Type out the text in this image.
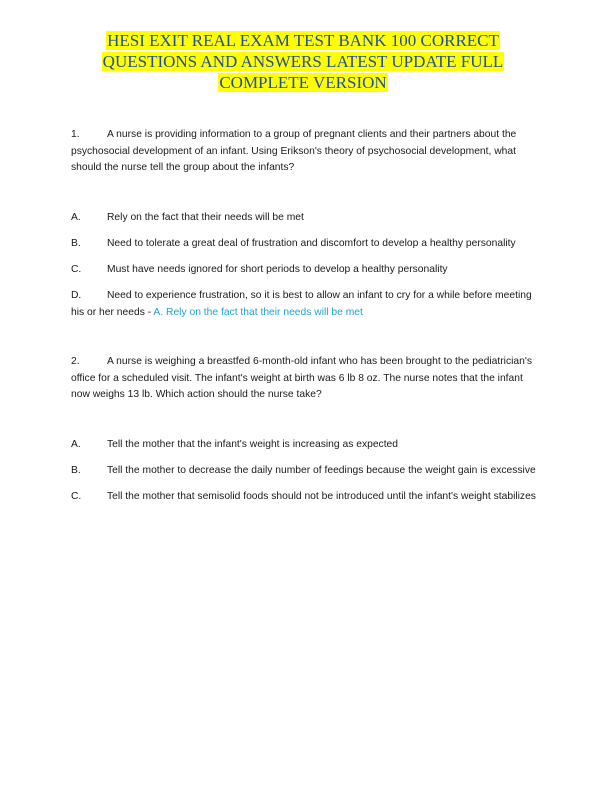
HESI EXIT REAL EXAM TEST BANK 100 CORRECT
QUESTIONS AND ANSWERS LATEST UPDATE FULL
COMPLETE VERSION
1.	A nurse is providing information to a group of pregnant clients and their partners about the psychosocial development of an infant. Using Erikson's theory of psychosocial development, what should the nurse tell the group about the infants?
A.	Rely on the fact that their needs will be met
B.	Need to tolerate a great deal of frustration and discomfort to develop a healthy personality
C. Must have needs ignored for short periods to develop a healthy personality
D. Need to experience frustration, so it is best to allow an infant to cry for a while before meeting his or her needs - A. Rely on the fact that their needs will be met
2.	A nurse is weighing a breastfed 6-month-old infant who has been brought to the pediatrician's office for a scheduled visit. The infant's weight at birth was 6 lb 8 oz. The nurse notes that the infant now weighs 13 lb. Which action should the nurse take?
A.	Tell the mother that the infant's weight is increasing as expected
B.	Tell the mother to decrease the daily number of feedings because the weight gain is excessive
C. Tell the mother that semisolid foods should not be introduced until the infant's weight stabilizes
